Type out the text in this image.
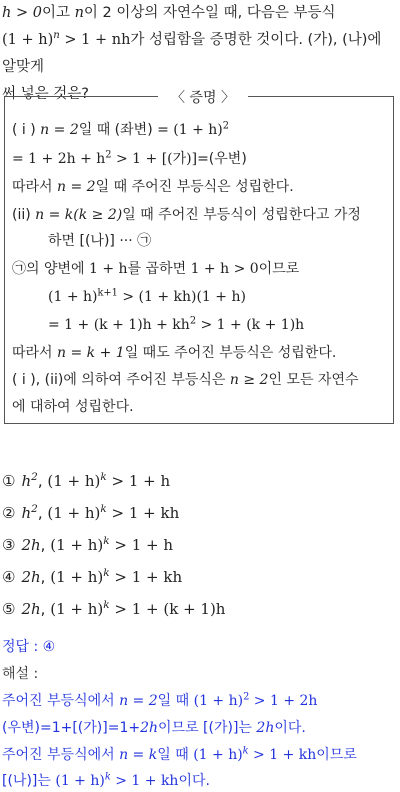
h > 0이고 n이 2 이상의 자연수일 때, 다음은 부등식
$(1 + h)^n > 1$ + nh가 성립함을 증명한 것이다. (가), (나)에 알맞게
써 넣은 것은?	〈 증명 〉
( i ) n = 2일 때 (좌변) = $(1 + h)^2$
= $1 + 2h + h^2 > 1$ + [(가)]=(우변)
따라서 n = 2일 때 주어진 부등식은 성립한다.
(ii) n = k(k ≥ 2)일 때 주어진 부등식이 성립한다고 가정
하면 [(나)] ··· ㉠
㉠의 양변에 1 + h를 곱하면 1 + h > 0이므로
$(1 + h)^{k+1} > (1 + kh)(1 + h)$
= $1 + (k + 1)h + kh^2 > 1 + (k + 1)h$
따라서 n = k + 1일 때도 주어진 부등식은 성립한다.
( i ), (ii)에 의하여 주어진 부등식은 n ≥ 2인 모든 자연수
에 대하여 성립한다.
① $h^2$, $(1 + h)^k > 1 + h$
② $h^2$, $(1 + h)^k > 1$ + kh
③ 2h, $(1 + h)^k > 1 + h$
④ 2h, $(1 + h)^k > 1$ + kh
⑤ 2h, $(1 + h)^k > 1 + (k + 1)h$
정답 : ④
해설 :
주어진 부등식에서 n = 2일 때 $(1 + h)^2 > 1 + 2h$
(우변)=1+[(가)]=1+2h이므로 [(가)]는 2h이다.
주어진 부등식에서 n = k일 때 $(1 + h)^k > 1$ + kh이므로
[(나)]는 $(1 + h)^k > 1$ + kh이다.
